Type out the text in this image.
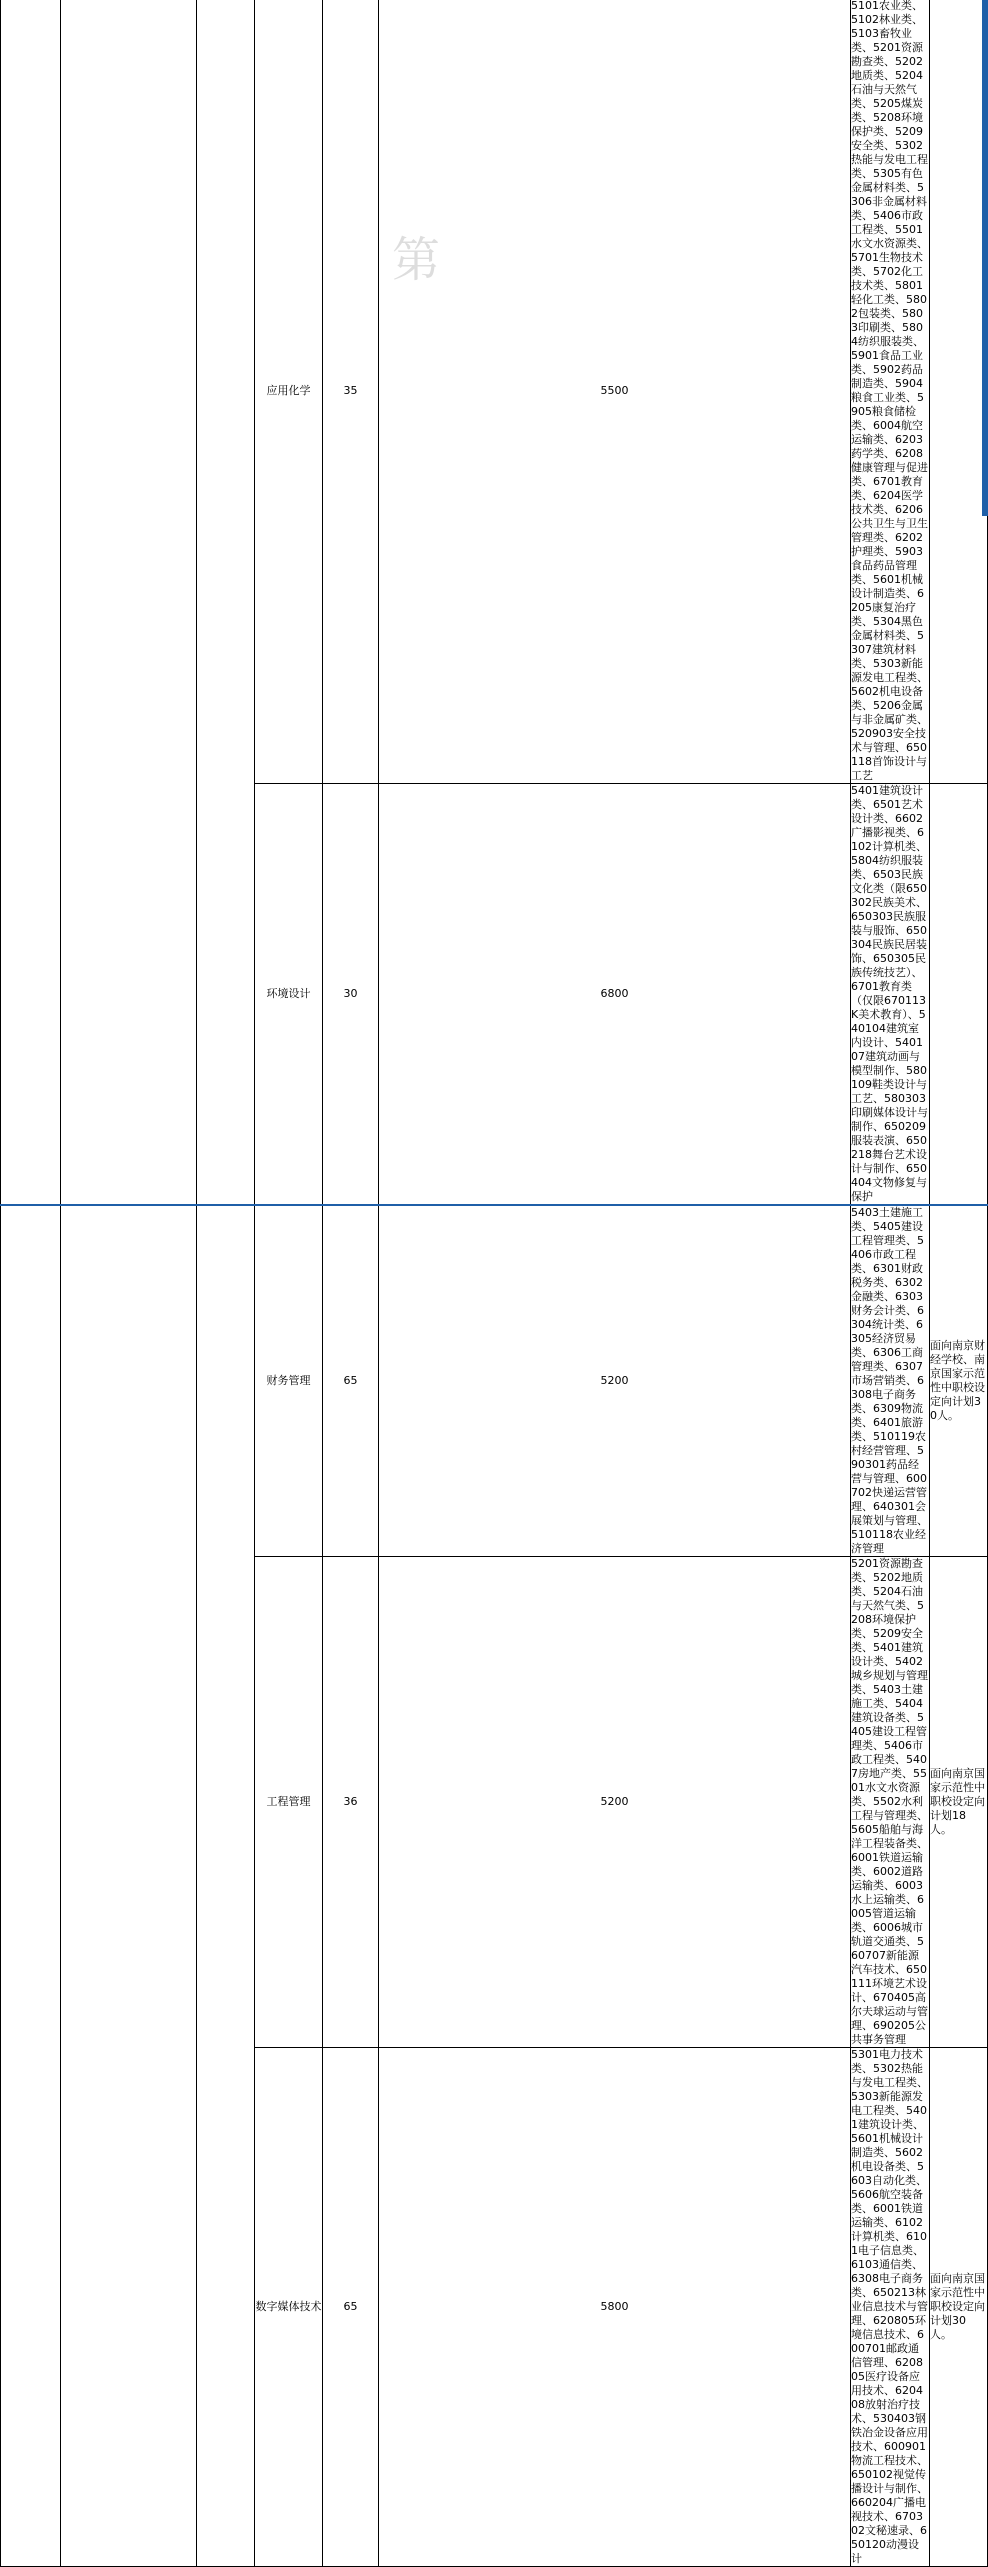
			应用化学	35	5500	5101农业类、5102林业类、5103畜牧业类、5201资源勘查类、5202地质类、5204石油与天然气类、5205煤炭类、5208环境保护类、5209安全类、5302热能与发电工程类、5305有色金属材料类、5306非金属材料类、5406市政工程类、5501水文水资源类、5701生物技术类、5702化工技术类、5801轻化工类、5802包装类、5803印刷类、5804纺织服装类、5901食品工业类、5902药品制造类、5904粮食工业类、5905粮食储检类、6004航空运输类、6203药学类、6208健康管理与促进类、6701教育类、6204医学技术类、6206公共卫生与卫生管理类、6202护理类、5903食品药品管理类、5601机械设计制造类、6205康复治疗类、5304黑色金属材料类、5307建筑材料类、5303新能源发电工程类、5602机电设备类、5206金属与非金属矿类、520903安全技术与管理、650118首饰设计与工艺	
			环境设计	30	6800	5401建筑设计类、6501艺术设计类、6602广播影视类、6102计算机类、5804纺织服装类、6503民族文化类（限650302民族美术、650303民族服装与服饰、650304民族民居装饰、650305民族传统技艺）、6701教育类（仅限670113K美术教育）、540104建筑室内设计、540107建筑动画与模型制作、580109鞋类设计与工艺、580303印刷媒体设计与制作、650209服装表演、650218舞台艺术设计与制作、650404文物修复与保护	
			财务管理	65	5200	5403土建施工类、5405建设工程管理类、5406市政工程类、6301财政税务类、6302金融类、6303财务会计类、6304统计类、6305经济贸易类、6306工商管理类、6307市场营销类、6308电子商务类、6309物流类、6401旅游类、510119农村经营管理、590301药品经营与管理、600702快递运营管理、640301会展策划与管理、510118农业经济管理	面向南京财经学校、南京国家示范性中职校设定向计划30人。
			工程管理	36	5200	5201资源勘查类、5202地质类、5204石油与天然气类、5208环境保护类、5209安全类、5401建筑设计类、5402城乡规划与管理类、5403土建施工类、5404建筑设备类、5405建设工程管理类、5406市政工程类、5407房地产类、5501水文水资源类、5502水利工程与管理类、5605船舶与海洋工程装备类、6001铁道运输类、6002道路运输类、6003水上运输类、6005管道运输类、6006城市轨道交通类、560707新能源汽车技术、650111环境艺术设计、670405高尔夫球运动与管理、690205公共事务管理	面向南京国家示范性中职校设定向计划18人。
			数字媒体技术	65	5800	5301电力技术类、5302热能与发电工程类、5303新能源发电工程类、5401建筑设计类、5601机械设计制造类、5602机电设备类、5603自动化类、5606航空装备类、6001铁道运输类、6102计算机类、6101电子信息类、6103通信类、6308电子商务类、650213林业信息技术与管理、620805环境信息技术、600701邮政通信管理、620805医疗设备应用技术、620408放射治疗技术、530403钢铁冶金设备应用技术、600901物流工程技术、650102视觉传播设计与制作、660204广播电视技术、670302文秘速录、650120动漫设计	面向南京国家示范性中职校设定向计划30人。
第
